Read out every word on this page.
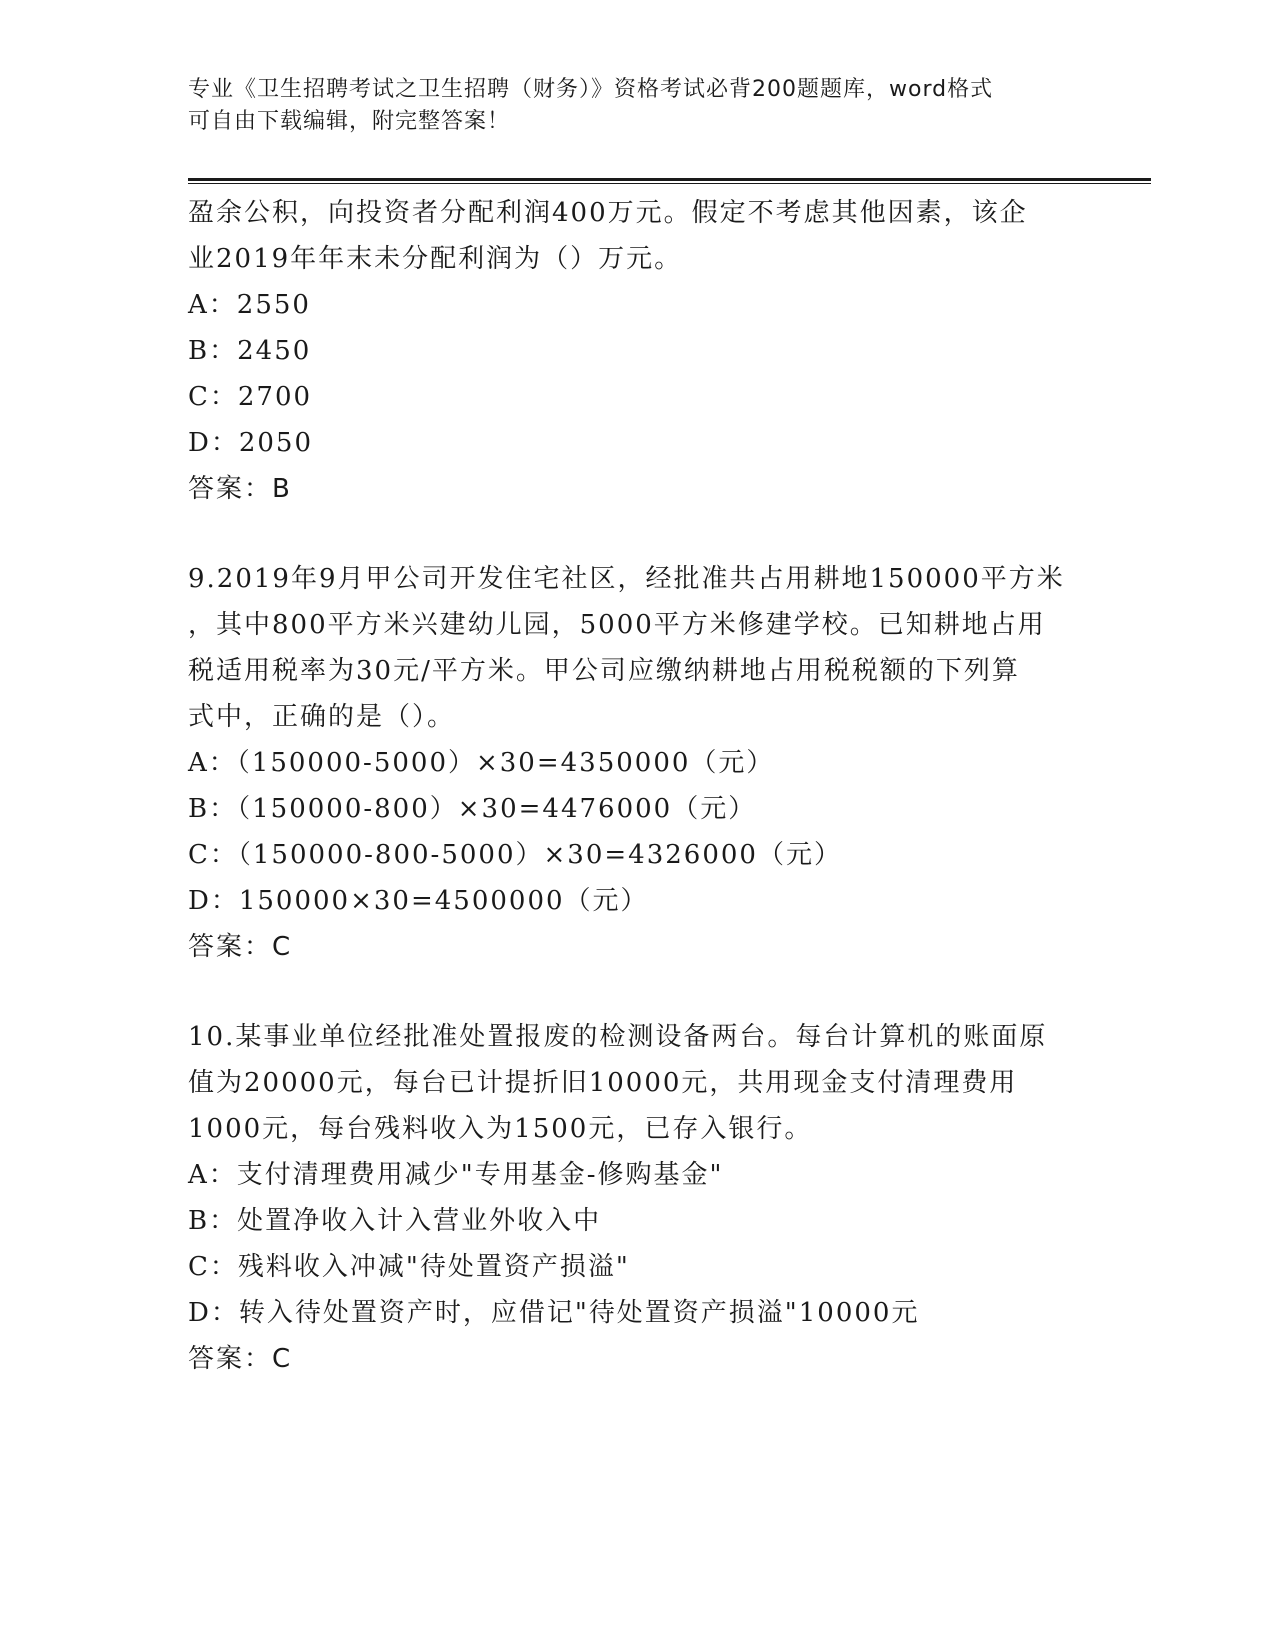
专业《卫生招聘考试之卫生招聘（财务）》资格考试必背200题题库，word格式
可自由下载编辑，附完整答案！
盈余公积，向投资者分配利润400万元。假定不考虑其他因素，该企
业2019年年末未分配利润为（）万元。
A：2550
B：2450
C：2700
D：2050
答案：B
9.2019年9月甲公司开发住宅社区，经批准共占用耕地150000平方米
，其中800平方米兴建幼儿园，5000平方米修建学校。已知耕地占用
税适用税率为30元/平方米。甲公司应缴纳耕地占用税税额的下列算
式中，正确的是（）。
A：（150000-5000）×30=4350000（元）
B：（150000-800）×30=4476000（元）
C：（150000-800-5000）×30=4326000（元）
D：150000×30=4500000（元）
答案：C
10.某事业单位经批准处置报废的检测设备两台。每台计算机的账面原
值为20000元，每台已计提折旧10000元，共用现金支付清理费用
1000元，每台残料收入为1500元，已存入银行。
A：支付清理费用减少"专用基金-修购基金"
B：处置净收入计入营业外收入中
C：残料收入冲减"待处置资产损溢"
D：转入待处置资产时，应借记"待处置资产损溢"10000元
答案：C
